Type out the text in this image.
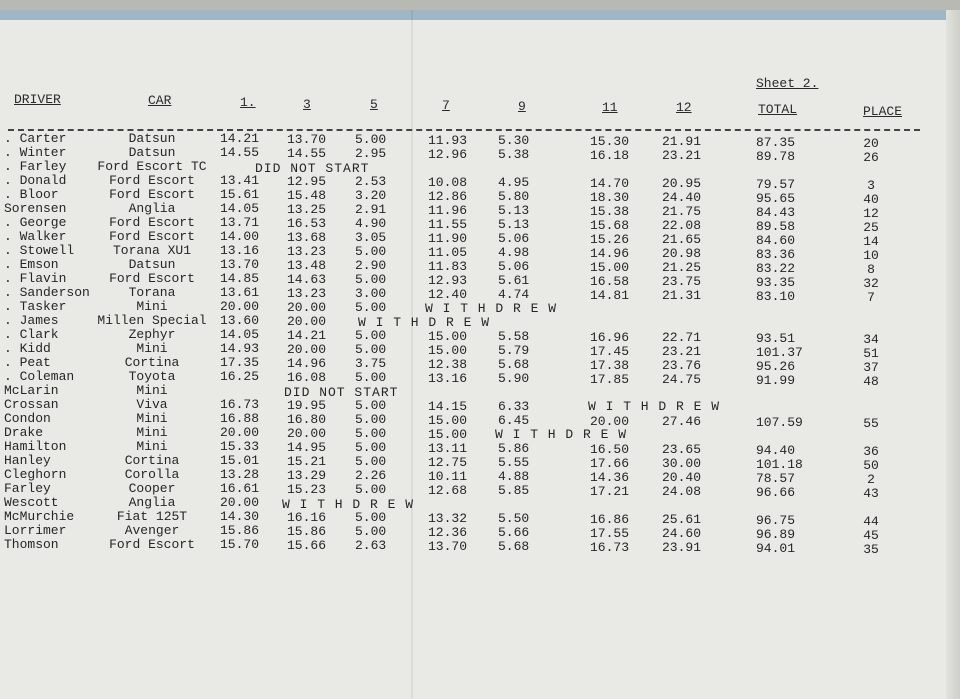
Sheet 2.
DRIVER	CAR	1.	3	5	7	9	11	12	TOTAL	PLACE
. Carter	Datsun	14.21 13.70 5.00	11.93 5.30	15.30	21.91	87.35	20
. Winter	Datsun	14.55 14.55 2.95	12.96 5.38	16.18	23.21	89.78	26
. Farley Ford Escort TC	DID NOT START
. Donald	Ford Escort 13.41 12.95 2.53	10.08 4.95	14.70	20.95	79.57	3
. Bloor	Ford Escort 15.61 15.48 3.20	12.86 5.80	18.30	24.40	95.65	40
Sorensen	Anglia	14.05 13.25 2.91	11.96 5.13	15.38	21.75	84.43	12
. George	Ford Escort 13.71 16.53 4.90	11.55 5.13	15.68	22.08	89.58	25
. Walker	Ford Escort 14.00 13.68 3.05	11.90 5.06	15.26	21.65	84.60	14
. Stowell	Torana XU1 13.16 13.23 5.00	11.05 4.98	14.96	20.98	83.36	10
. Emson	Datsun	13.70 13.48 2.90	11.83 5.06	15.00	21.25	83.22	8
. Flavin	Ford Escort 14.85 14.63 5.00	12.93 5.61	16.58	23.75	93.35	32
. Sanderson	Torana	13.61 13.23 3.00	12.40 4.74	14.81	21.31	83.10	7
. Tasker	Mini	20.00 20.00 5.00	W I T H D R E W
. James	Millen Special 13.60 20.00 W I T H D R E W
. Clark	Zephyr	14.05 14.21 5.00	15.00 5.58	16.96	22.71	93.51	34
. Kidd	Mini	14.93 20.00 5.00	15.00 5.79	17.45	23.21	101.37	51
. Peat	Cortina	17.35 14.96 3.75	12.38 5.68	17.38	23.76	95.26	37
. Coleman	Toyota	16.25 16.08 5.00	13.16 5.90	17.85	24.75	91.99	48
McLarin	Mini	DID NOT START
Crossan	Viva	16.73 19.95 5.00	14.15 6.33	W I T H D R E W
Condon	Mini	16.88 16.80 5.00	15.00 6.45	20.00	27.46	107.59	55
Drake	Mini	20.00 20.00 5.00	15.00 W I T H D R E W
Hamilton	Mini	15.33 14.95 5.00	13.11 5.86	16.50	23.65	94.40	36
Hanley	Cortina	15.01 15.21 5.00	12.75 5.55	17.66	30.00	101.18	50
Cleghorn	Corolla	13.28 13.29 2.26	10.11 4.88	14.36	20.40	78.57	2
Farley	Cooper	16.61 15.23 5.00	12.68 5.85	17.21	24.08	96.66	43
Wescott	Anglia	20.00 W I T H D R E W
McMurchie	Fiat 125T	14.30 16.16 5.00	13.32 5.50	16.86	25.61	96.75	44
Lorrimer	Avenger	15.86 15.86 5.00	12.36 5.66	17.55	24.60	96.89	45
Thomson	Ford Escort 15.70 15.66 2.63	13.70 5.68	16.73	23.91	94.01	35
